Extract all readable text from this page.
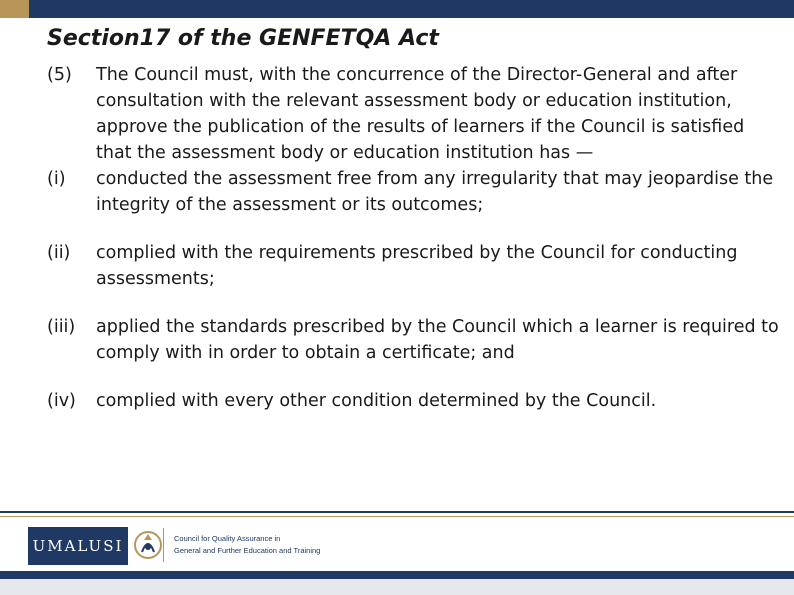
Section17 of the GENFETQA Act
(5) The Council must, with the concurrence of the Director-General and after consultation with the relevant assessment body or education institution, approve the publication of the results of learners if the Council is satisfied that the assessment body or education institution has —
(i) conducted the assessment free from any irregularity that may jeopardise the integrity of the assessment or its outcomes;
(ii) complied with the requirements prescribed by the Council for conducting assessments;
(iii) applied the standards prescribed by the Council which a learner is required to comply with in order to obtain a certificate; and
(iv) complied with every other condition determined by the Council.
UMALUSI	Council for Quality Assurance in
General and Further Education and Training
